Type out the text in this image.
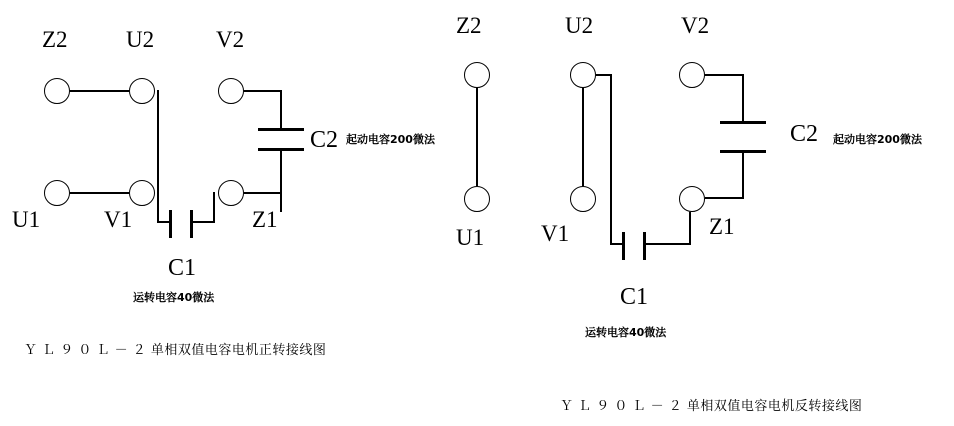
Z2	U2	V2
U1	V1	Z1
C2 起动电容200微法
C1
运转电容40微法
Ｙ Ｌ ９ ０ Ｌ － ２ 单相双值电容电机正转接线图
Z2	U2	V2
U1 V1	Z1
C1
运转电容40微法
C2 起动电容200微法
Ｙ Ｌ ９ ０ Ｌ － ２ 单相双值电容电机反转接线图
